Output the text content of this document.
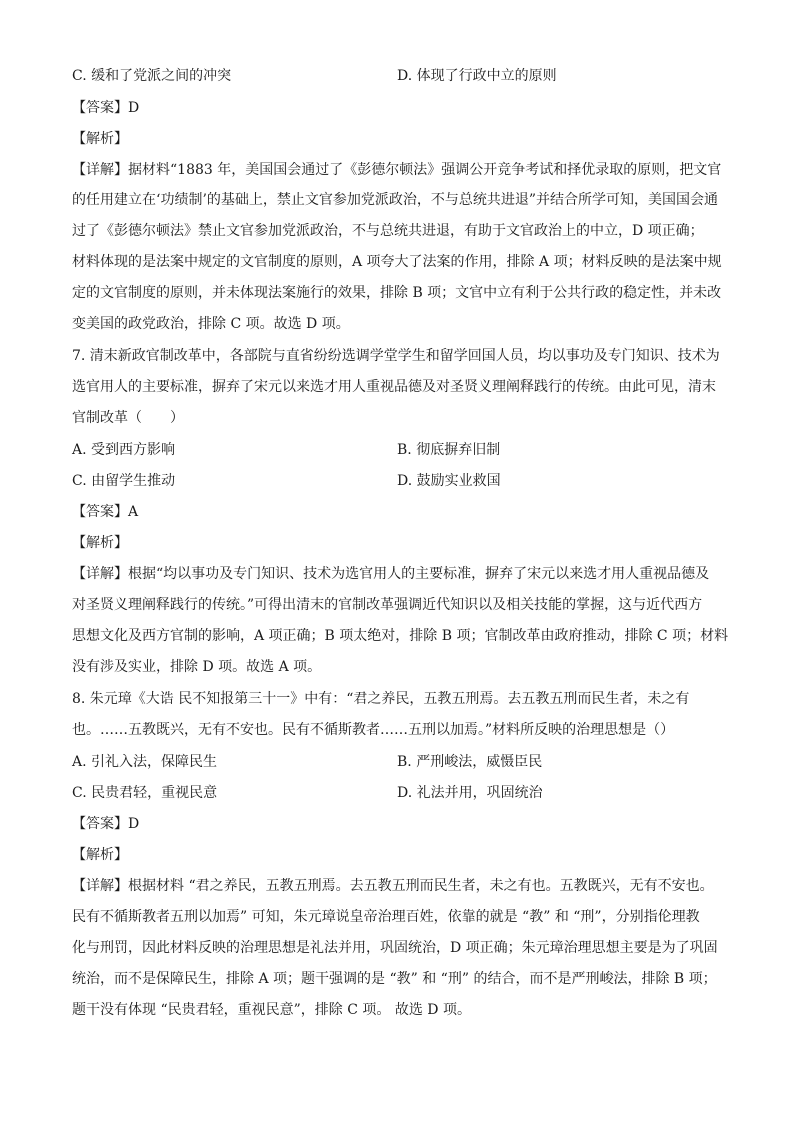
C. 缓和了党派之间的冲突	D. 体现了行政中立的原则
【答案】D
【解析】
【详解】据材料“1883 年，美国国会通过了《彭德尔顿法》强调公开竞争考试和择优录取的原则，把文官
的任用建立在‘功绩制’的基础上，禁止文官参加党派政治，不与总统共进退”并结合所学可知，美国国会通
过了《彭德尔顿法》禁止文官参加党派政治，不与总统共进退，有助于文官政治上的中立，D 项正确；
材料体现的是法案中规定的文官制度的原则，A 项夸大了法案的作用，排除 A 项；材料反映的是法案中规
定的文官制度的原则，并未体现法案施行的效果，排除 B 项；文官中立有利于公共行政的稳定性，并未改
变美国的政党政治，排除 C 项。故选 D 项。
7. 清末新政官制改革中，各部院与直省纷纷选调学堂学生和留学回国人员，均以事功及专门知识、技术为
选官用人的主要标准，摒弃了宋元以来选才用人重视品德及对圣贤义理阐释践行的传统。由此可见，清末
官制改革（　　）
A. 受到西方影响	B. 彻底摒弃旧制
C. 由留学生推动	D. 鼓励实业救国
【答案】A
【解析】
【详解】根据“均以事功及专门知识、技术为选官用人的主要标准，摒弃了宋元以来选才用人重视品德及
对圣贤义理阐释践行的传统。”可得出清末的官制改革强调近代知识以及相关技能的掌握，这与近代西方
思想文化及西方官制的影响，A 项正确；B 项太绝对，排除 B 项；官制改革由政府推动，排除 C 项；材料
没有涉及实业，排除 D 项。故选 A 项。
8. 朱元璋《大诰 民不知报第三十一》中有：“君之养民，五教五刑焉。去五教五刑而民生者，未之有
也。……五教既兴，无有不安也。民有不循斯教者……五刑以加焉。”材料所反映的治理思想是（）
A. 引礼入法，保障民生	B. 严刑峻法，威慑臣民
C. 民贵君轻，重视民意	D. 礼法并用，巩固统治
【答案】D
【解析】
【详解】根据材料 “君之养民，五教五刑焉。去五教五刑而民生者，未之有也。五教既兴，无有不安也。
民有不循斯教者五刑以加焉” 可知，朱元璋说皇帝治理百姓，依靠的就是 “教” 和 “刑”，分别指伦理教
化与刑罚，因此材料反映的治理思想是礼法并用，巩固统治，D 项正确；朱元璋治理思想主要是为了巩固
统治，而不是保障民生，排除 A 项；题干强调的是 “教” 和 “刑” 的结合，而不是严刑峻法，排除 B 项；
题干没有体现 “民贵君轻，重视民意”，排除 C 项。 故选 D 项。
